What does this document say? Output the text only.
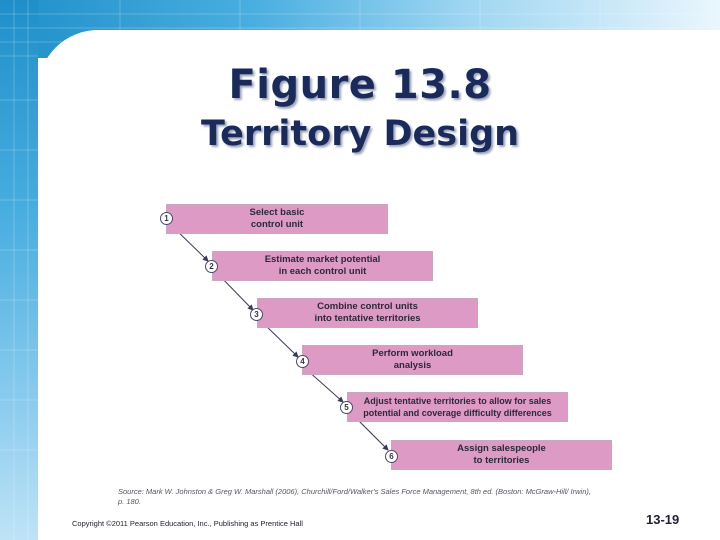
Figure 13.8
Territory Design
Select basic
control unit
Estimate market potential
in each control unit
Combine control units
into tentative territories
Perform workload
analysis
Adjust tentative territories to allow for sales
potential and coverage difficulty differences
Assign salespeople
to territories
1
2
3
4
5
6
Source: Mark W. Johnston & Greg W. Marshall (2006), Churchill/Ford/Walker's Sales Force Management, 8th ed. (Boston: McGraw-Hill/ Irwin), p. 180.
Copyright ©2011 Pearson Education, Inc., Publishing as Prentice Hall	13-19
